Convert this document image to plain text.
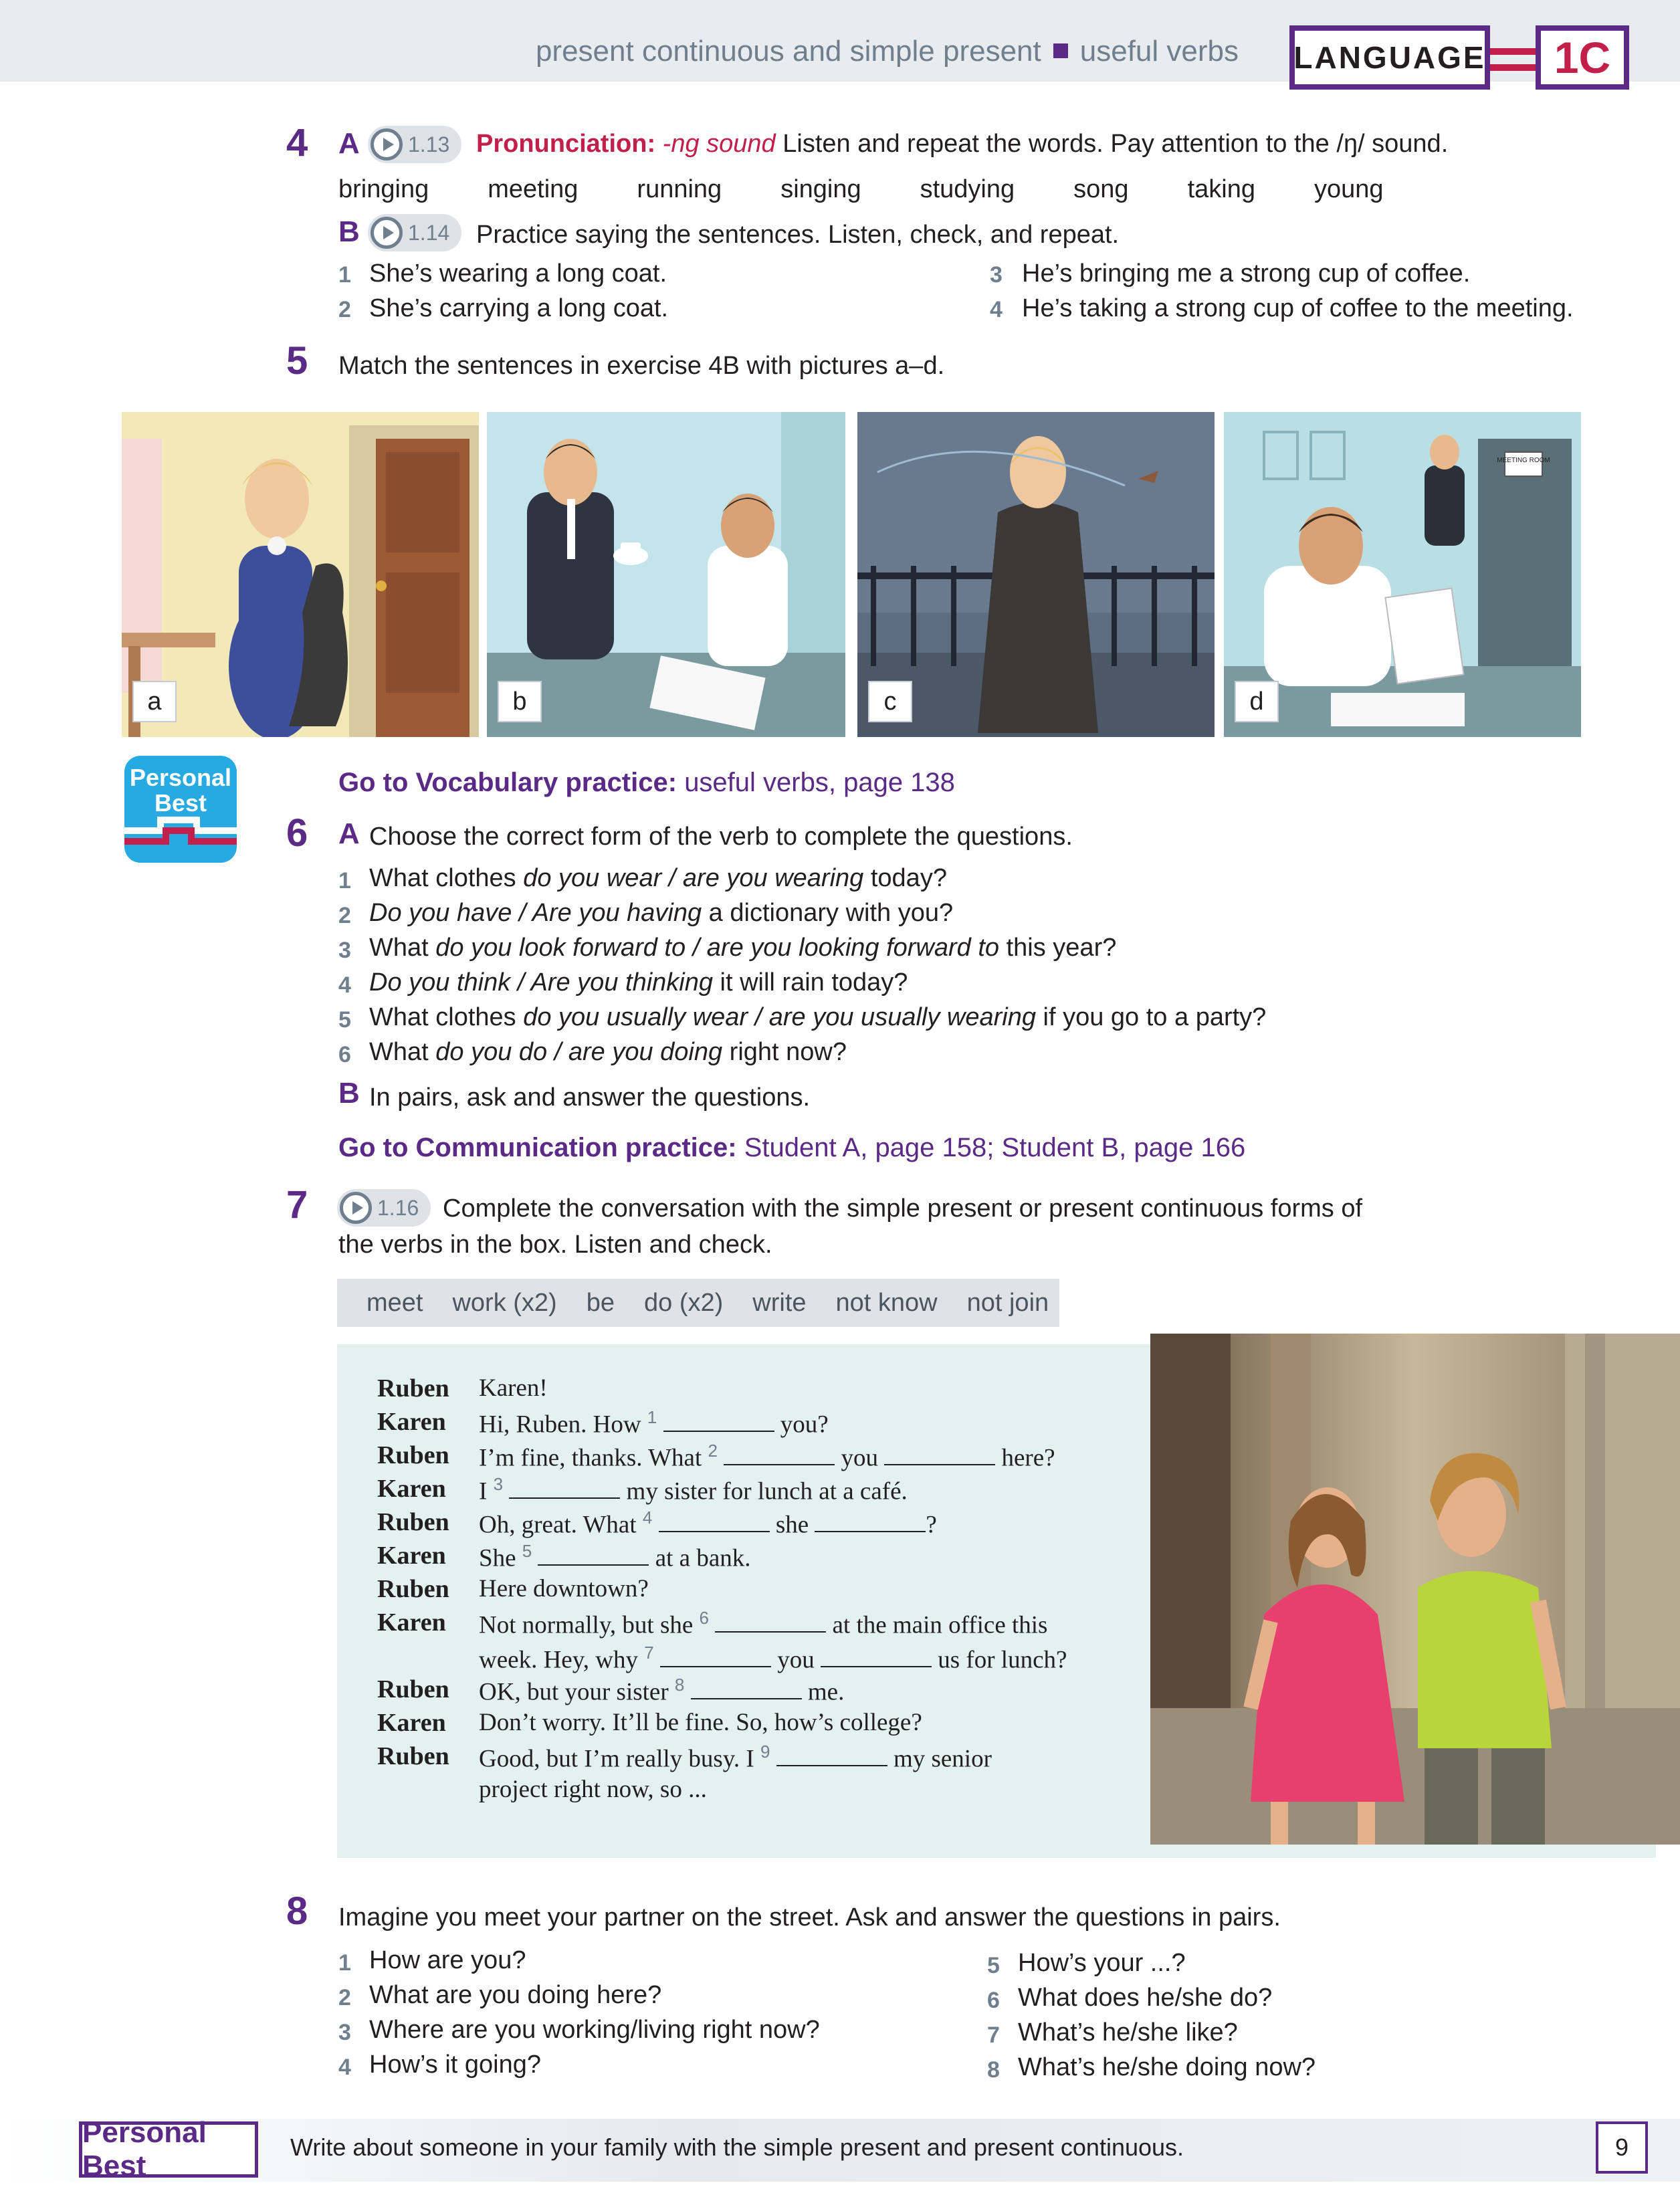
present continuous and simple present useful verbs LANGUAGE	1C
4 A 1.13 Pronunciation: -ng sound Listen and repeat the words. Pay attention to the /ŋ/ sound.
bringing meeting running singing studying song taking young
B 1.14 Practice saying the sentences. Listen, check, and repeat.
1 She’s wearing a long coat.
2 She’s carrying a long coat.
3 He’s bringing me a strong cup of coffee.
4 He’s taking a strong cup of coffee to the meeting.
5 Match the sentences in exercise 4B with pictures a–d.
a	b	c
MEETING ROOM
d
Personal
Best
Go to Vocabulary practice: useful verbs, page 138
6 A Choose the correct form of the verb to complete the questions.
1 What clothes do you wear / are you wearing today?
2 Do you have / Are you having a dictionary with you?
3 What do you look forward to / are you looking forward to this year?
4 Do you think / Are you thinking it will rain today?
5 What clothes do you usually wear / are you usually wearing if you go to a party?
6 What do you do / are you doing right now?
B In pairs, ask and answer the questions.
Go to Communication practice: Student A, page 158; Student B, page 166
7	1.16 Complete the conversation with the simple present or present continuous forms of
the verbs in the box. Listen and check.
meet work (x2) be do (x2) write not know not join
Ruben Karen!
Karen Hi, Ruben. How $^1$	you?
Ruben I’m fine, thanks. What $^2$	you	here?
Karen I $^3$	my sister for lunch at a café.
Ruben Oh, great. What $^4$	she	?
Karen She $^5$	at a bank.
Ruben Here downtown?
Karen Not normally, but she $^6$	at the main office this
week. Hey, why $^7$	you	us for lunch?
Ruben OK, but your sister $^8$	me.
Karen Don’t worry. It’ll be fine. So, how’s college?
Ruben Good, but I’m really busy. I $^9$	my senior
project right now, so ...
8 Imagine you meet your partner on the street. Ask and answer the questions in pairs.
1 How are you?
2 What are you doing here?
3 Where are you working/living right now?
4 How’s it going?
5 How’s your ...?
6 What does he/she do?
7 What’s he/she like?
8 What’s he/she doing now?
Personal Best
Write about someone in your family with the simple present and present continuous.	9
